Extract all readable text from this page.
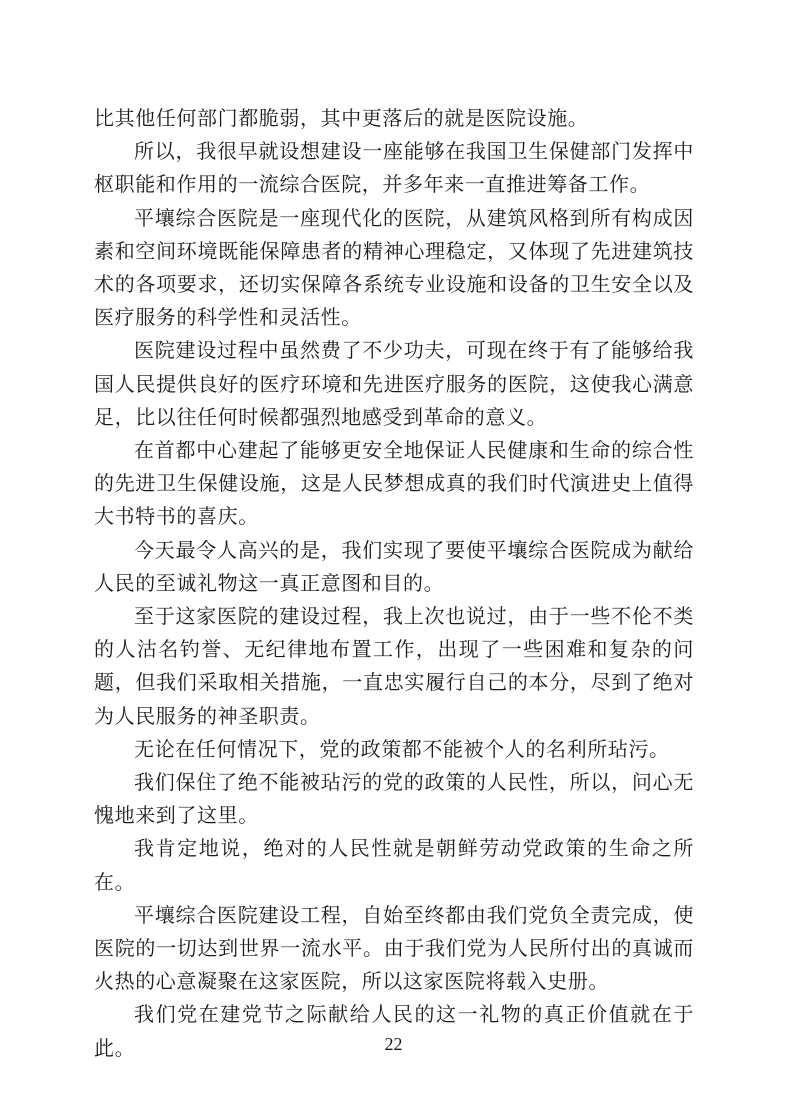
比其他任何部门都脆弱，其中更落后的就是医院设施。

所以，我很早就设想建设一座能够在我国卫生保健部门发挥中枢职能和作用的一流综合医院，并多年来一直推进筹备工作。

平壤综合医院是一座现代化的医院，从建筑风格到所有构成因素和空间环境既能保障患者的精神心理稳定，又体现了先进建筑技术的各项要求，还切实保障各系统专业设施和设备的卫生安全以及医疗服务的科学性和灵活性。

医院建设过程中虽然费了不少功夫，可现在终于有了能够给我国人民提供良好的医疗环境和先进医疗服务的医院，这使我心满意足，比以往任何时候都强烈地感受到革命的意义。

在首都中心建起了能够更安全地保证人民健康和生命的综合性的先进卫生保健设施，这是人民梦想成真的我们时代演进史上值得大书特书的喜庆。

今天最令人高兴的是，我们实现了要使平壤综合医院成为献给人民的至诚礼物这一真正意图和目的。

至于这家医院的建设过程，我上次也说过，由于一些不伦不类的人沽名钓誉、无纪律地布置工作，出现了一些困难和复杂的问题，但我们采取相关措施，一直忠实履行自己的本分，尽到了绝对为人民服务的神圣职责。

无论在任何情况下，党的政策都不能被个人的名利所玷污。

我们保住了绝不能被玷污的党的政策的人民性，所以，问心无愧地来到了这里。

我肯定地说，绝对的人民性就是朝鲜劳动党政策的生命之所在。

平壤综合医院建设工程，自始至终都由我们党负全责完成，使医院的一切达到世界一流水平。由于我们党为人民所付出的真诚而火热的心意凝聚在这家医院，所以这家医院将载入史册。

我们党在建党节之际献给人民的这一礼物的真正价值就在于此。	22
